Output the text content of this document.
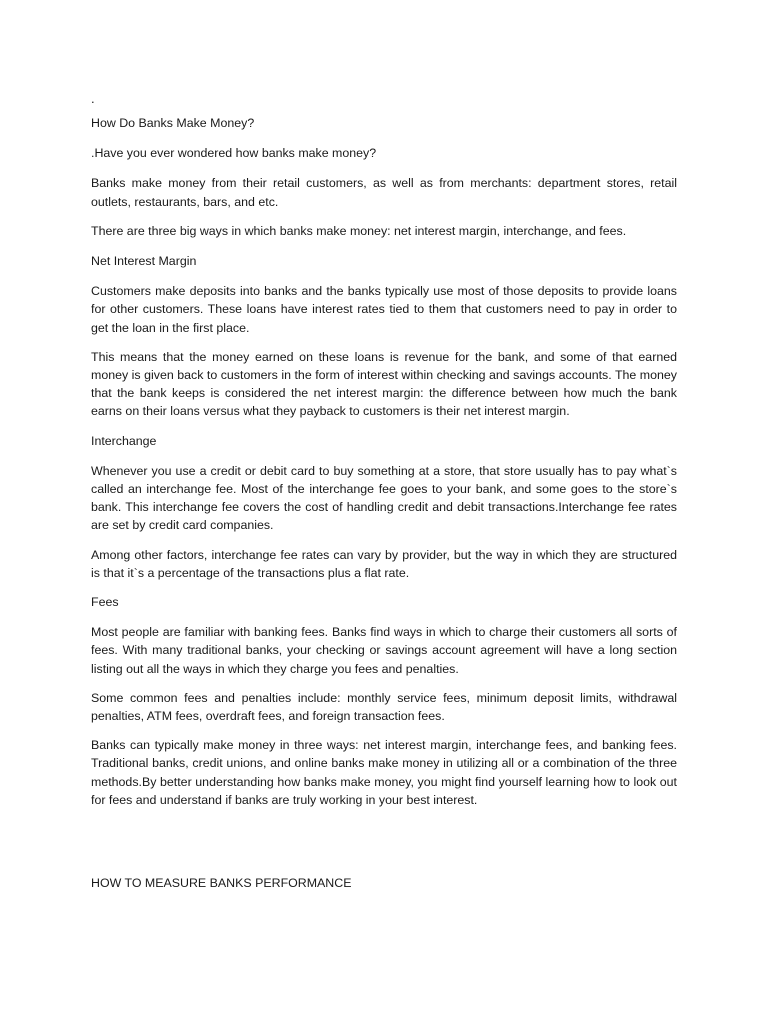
.

How Do Banks Make Money?

.Have you ever wondered how banks make money?

Banks make money from their retail customers, as well as from merchants: department stores, retail outlets, restaurants, bars, and etc.

There are three big ways in which banks make money: net interest margin, interchange, and fees.

Net Interest Margin

Customers make deposits into banks and the banks typically use most of those deposits to provide loans for other customers. These loans have interest rates tied to them that customers need to pay in order to get the loan in the first place.

This means that the money earned on these loans is revenue for the bank, and some of that earned money is given back to customers in the form of interest within checking and savings accounts. The money that the bank keeps is considered the net interest margin: the difference between how much the bank earns on their loans versus what they payback to customers is their net interest margin.

Interchange

Whenever you use a credit or debit card to buy something at a store, that store usually has to pay what`s called an interchange fee. Most of the interchange fee goes to your bank, and some goes to the store`s bank. This interchange fee covers the cost of handling credit and debit transactions.Interchange fee rates are set by credit card companies.

Among other factors, interchange fee rates can vary by provider, but the way in which they are structured is that it`s a percentage of the transactions plus a flat rate.

Fees

Most people are familiar with banking fees. Banks find ways in which to charge their customers all sorts of fees. With many traditional banks, your checking or savings account agreement will have a long section listing out all the ways in which they charge you fees and penalties.

Some common fees and penalties include: monthly service fees, minimum deposit limits, withdrawal penalties, ATM fees, overdraft fees, and foreign transaction fees.

Banks can typically make money in three ways: net interest margin, interchange fees, and banking fees. Traditional banks, credit unions, and online banks make money in utilizing all or a combination of the three methods.By better understanding how banks make money, you might find yourself learning how to look out for fees and understand if banks are truly working in your best interest.

HOW TO MEASURE BANKS PERFORMANCE
